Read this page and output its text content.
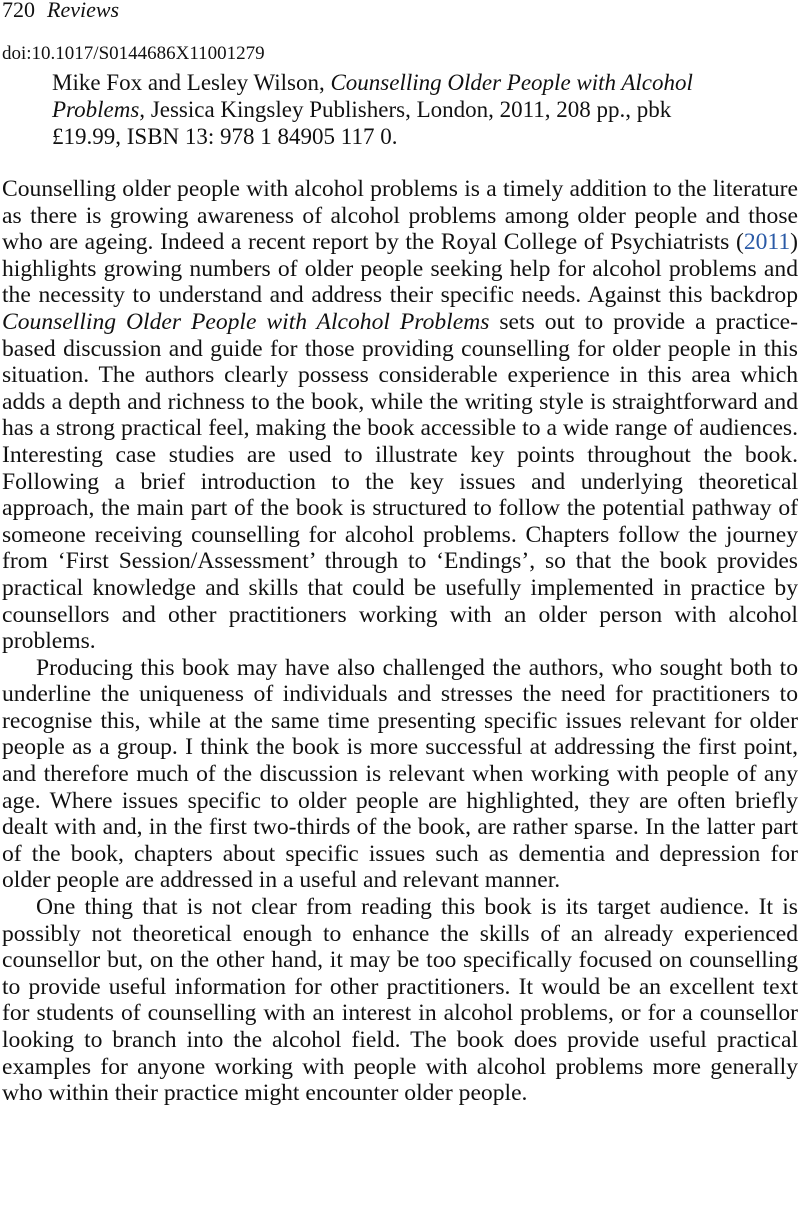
720 Reviews
doi:10.1017/S0144686X11001279
Mike Fox and Lesley Wilson, Counselling Older People with Alcohol
Problems, Jessica Kingsley Publishers, London, 2011, 208 pp., pbk
£19.99, ISBN 13: 978 1 84905 117 0.

Counselling older people with alcohol problems is a timely addition to the literature as there is growing awareness of alcohol problems among older people and those who are ageing. Indeed a recent report by the Royal College of Psychiatrists (2011) highlights growing numbers of older people seeking help for alcohol problems and the necessity to understand and address their specific needs. Against this backdrop Counselling Older People with Alcohol Problems sets out to provide a practice-based discussion and guide for those providing counselling for older people in this situation. The authors clearly possess considerable experience in this area which adds a depth and richness to the book, while the writing style is straightforward and has a strong practical feel, making the book accessible to a wide range of audiences. Interesting case studies are used to illustrate key points throughout the book. Following a brief introduction to the key issues and underlying theoretical approach, the main part of the book is structured to follow the potential pathway of someone receiving counselling for alcohol problems. Chapters follow the journey from ‘First Session/Assessment’ through to ‘Endings’, so that the book provides practical knowledge and skills that could be usefully implemented in practice by counsellors and other practitioners working with an older person with alcohol problems.

Producing this book may have also challenged the authors, who sought both to underline the uniqueness of individuals and stresses the need for practitioners to recognise this, while at the same time presenting specific issues relevant for older people as a group. I think the book is more successful at addressing the first point, and therefore much of the discussion is relevant when working with people of any age. Where issues specific to older people are highlighted, they are often briefly dealt with and, in the first two-thirds of the book, are rather sparse. In the latter part of the book, chapters about specific issues such as dementia and depression for older people are addressed in a useful and relevant manner.

One thing that is not clear from reading this book is its target audience. It is possibly not theoretical enough to enhance the skills of an already experienced counsellor but, on the other hand, it may be too specifically focused on counselling to provide useful information for other practitioners. It would be an excellent text for students of counselling with an interest in alcohol problems, or for a counsellor looking to branch into the alcohol field. The book does provide useful practical examples for anyone working with people with alcohol problems more generally who within their practice might encounter older people.
